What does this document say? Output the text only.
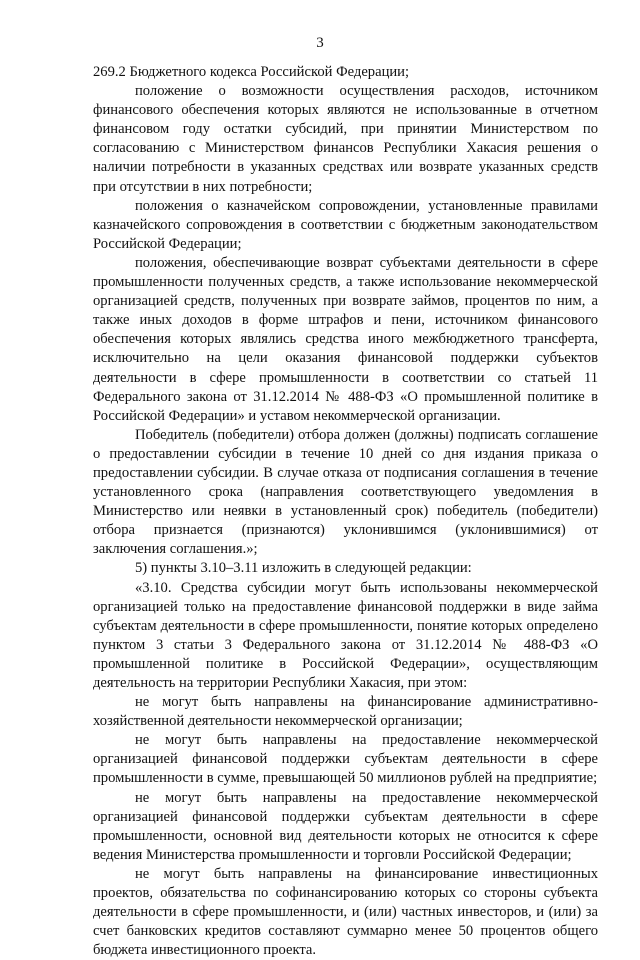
3

269.2 Бюджетного кодекса Российской Федерации;

положение о возможности осуществления расходов, источником финансового обеспечения которых являются не использованные в отчетном финансовом году остатки субсидий, при принятии Министерством по согласованию с Министерством финансов Республики Хакасия решения о наличии потребности в указанных средствах или возврате указанных средств при отсутствии в них потребности;

положения о казначейском сопровождении, установленные правилами казначейского сопровождения в соответствии с бюджетным законодательством Российской Федерации;

положения, обеспечивающие возврат субъектами деятельности в сфере промышленности полученных средств, а также использование некоммерческой организацией средств, полученных при возврате займов, процентов по ним, а также иных доходов в форме штрафов и пени, источником финансового обеспечения которых являлись средства иного межбюджетного трансферта, исключительно на цели оказания финансовой поддержки субъектов деятельности в сфере промышленности в соответствии со статьей 11 Федерального закона от 31.12.2014 № 488-ФЗ «О промышленной политике в Российской Федерации» и уставом некоммерческой организации.

Победитель (победители) отбора должен (должны) подписать соглашение о предоставлении субсидии в течение 10 дней со дня издания приказа о предоставлении субсидии. В случае отказа от подписания соглашения в течение установленного срока (направления соответствующего уведомления в Министерство или неявки в установленный срок) победитель (победители) отбора признается (признаются) уклонившимся (уклонившимися) от заключения соглашения.»;

5) пункты 3.10–3.11 изложить в следующей редакции:

«3.10. Средства субсидии могут быть использованы некоммерческой организацией только на предоставление финансовой поддержки в виде займа субъектам деятельности в сфере промышленности, понятие которых определено пунктом 3 статьи 3 Федерального закона от 31.12.2014 № 488-ФЗ «О промышленной политике в Российской Федерации», осуществляющим деятельность на территории Республики Хакасия, при этом:

не могут быть направлены на финансирование административно-хозяйственной деятельности некоммерческой организации;

не могут быть направлены на предоставление некоммерческой организацией финансовой поддержки субъектам деятельности в сфере промышленности в сумме, превышающей 50 миллионов рублей на предприятие;

не могут быть направлены на предоставление некоммерческой организацией финансовой поддержки субъектам деятельности в сфере промышленности, основной вид деятельности которых не относится к сфере ведения Министерства промышленности и торговли Российской Федерации;

не могут быть направлены на финансирование инвестиционных проектов, обязательства по софинансированию которых со стороны субъекта деятельности в сфере промышленности, и (или) частных инвесторов, и (или) за счет банковских кредитов составляют суммарно менее 50 процентов общего бюджета инвестиционного проекта.
